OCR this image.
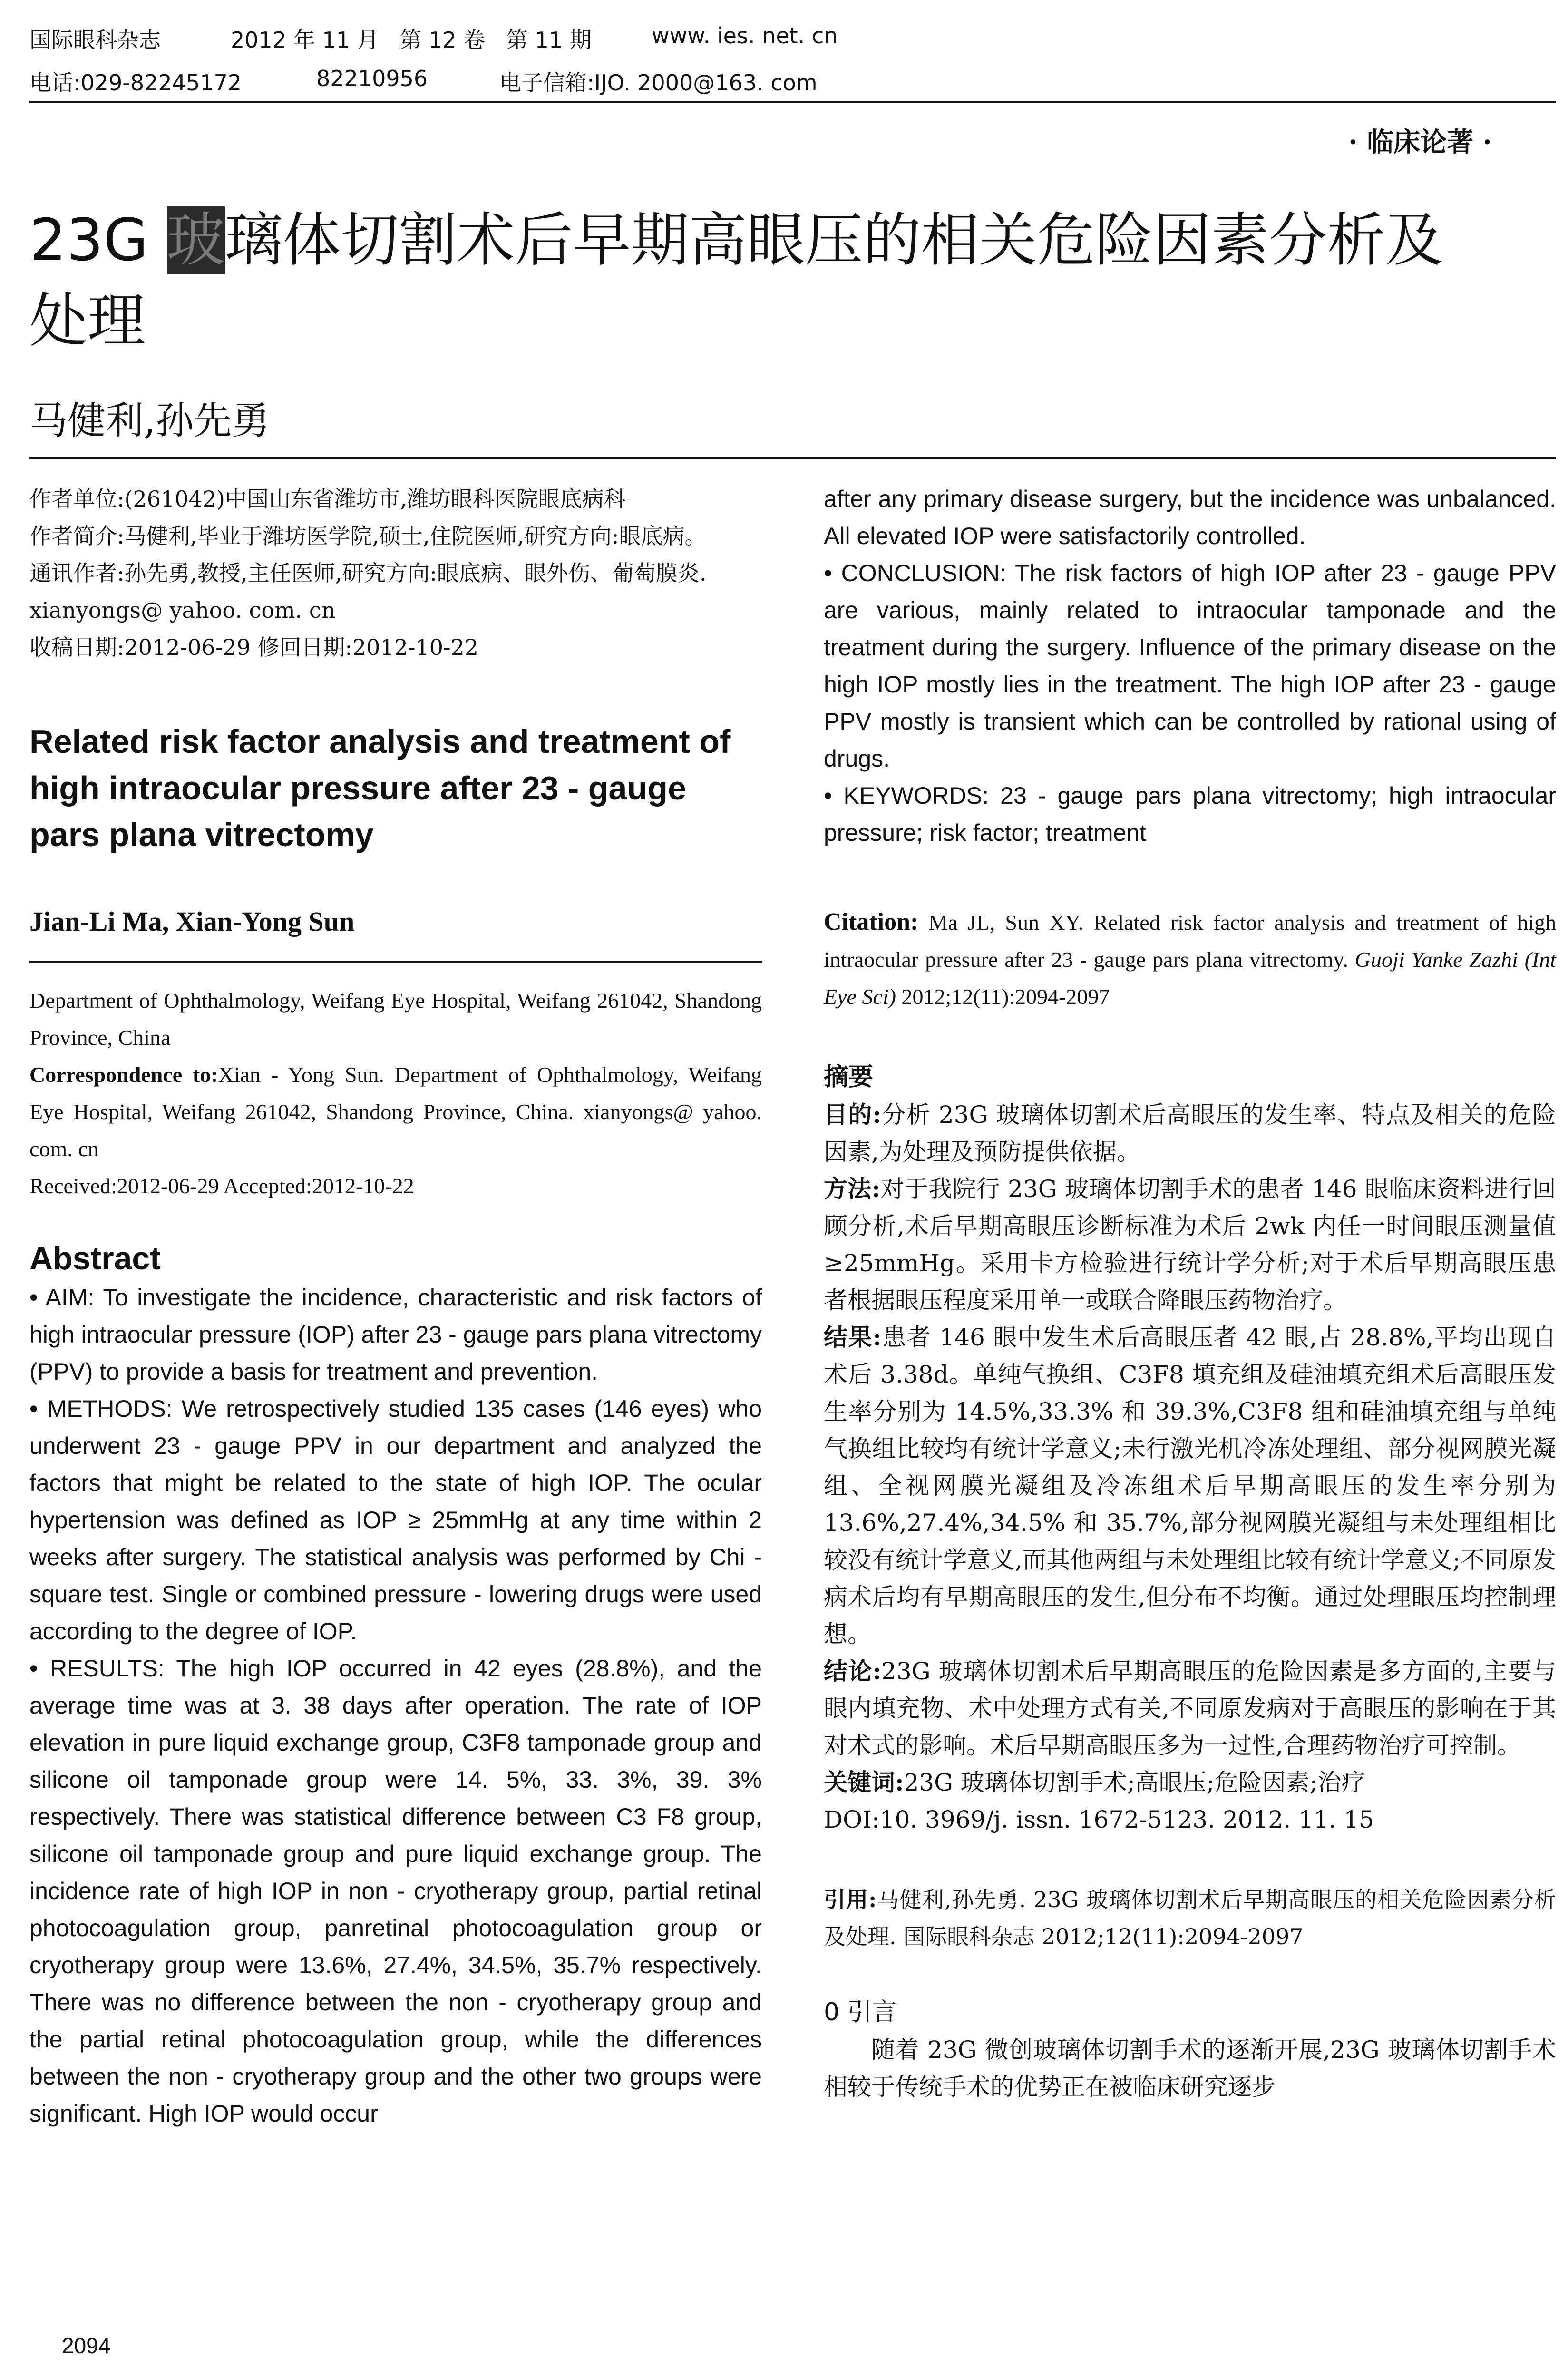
国际眼科杂志	2012 年 11 月   第 12 卷   第 11 期	www. ies. net. cn
电话:029-82245172	82210956	电子信箱:IJO. 2000@163. com
· 临床论著 ·
23G 玻璃体切割术后早期高眼压的相关危险因素分析及
处理
马健利,孙先勇

作者单位:(261042)中国山东省潍坊市,潍坊眼科医院眼底病科

作者简介:马健利,毕业于潍坊医学院,硕士,住院医师,研究方向:眼底病。

通讯作者:孙先勇,教授,主任医师,研究方向:眼底病、眼外伤、葡萄膜炎. xianyongs@ yahoo. com. cn

收稿日期:2012-06-29 修回日期:2012-10-22

Related risk factor analysis and treatment of high intraocular pressure after 23 - gauge pars plana vitrectomy
Jian-Li Ma, Xian-Yong Sun

Department of Ophthalmology, Weifang Eye Hospital, Weifang 261042, Shandong Province, China

Correspondence to:Xian - Yong Sun. Department of Ophthalmology, Weifang Eye Hospital, Weifang 261042, Shandong Province, China. xianyongs@ yahoo. com. cn

Received:2012-06-29 Accepted:2012-10-22

Abstract

• AIM: To investigate the incidence, characteristic and risk factors of high intraocular pressure (IOP) after 23 - gauge pars plana vitrectomy (PPV) to provide a basis for treatment and prevention.

• METHODS: We retrospectively studied 135 cases (146 eyes) who underwent 23 - gauge PPV in our department and analyzed the factors that might be related to the state of high IOP. The ocular hypertension was defined as IOP ≥ 25mmHg at any time within 2 weeks after surgery. The statistical analysis was performed by Chi - square test. Single or combined pressure - lowering drugs were used according to the degree of IOP.

• RESULTS: The high IOP occurred in 42 eyes (28.8%), and the average time was at 3. 38 days after operation. The rate of IOP elevation in pure liquid exchange group, C3F8 tamponade group and silicone oil tamponade group were 14. 5%, 33. 3%, 39. 3% respectively. There was statistical difference between C3 F8 group, silicone oil tamponade group and pure liquid exchange group. The incidence rate of high IOP in non - cryotherapy group, partial retinal photocoagulation group, panretinal photocoagulation group or cryotherapy group were 13.6%, 27.4%, 34.5%, 35.7% respectively. There was no difference between the non - cryotherapy group and the partial retinal photocoagulation group, while the differences between the non - cryotherapy group and the other two groups were significant. High IOP would occur

2094

after any primary disease surgery, but the incidence was unbalanced. All elevated IOP were satisfactorily controlled.

• CONCLUSION: The risk factors of high IOP after 23 - gauge PPV are various, mainly related to intraocular tamponade and the treatment during the surgery. Influence of the primary disease on the high IOP mostly lies in the treatment. The high IOP after 23 - gauge PPV mostly is transient which can be controlled by rational using of drugs.

• KEYWORDS: 23 - gauge pars plana vitrectomy; high intraocular pressure; risk factor; treatment

Citation: Ma JL, Sun XY. Related risk factor analysis and treatment of high intraocular pressure after 23 - gauge pars plana vitrectomy. Guoji Yanke Zazhi (Int Eye Sci) 2012;12(11):2094-2097
摘要

目的:分析 23G 玻璃体切割术后高眼压的发生率、特点及相关的危险因素,为处理及预防提供依据。

方法:对于我院行 23G 玻璃体切割手术的患者 146 眼临床资料进行回顾分析,术后早期高眼压诊断标准为术后 2wk 内任一时间眼压测量值≥25mmHg。采用卡方检验进行统计学分析;对于术后早期高眼压患者根据眼压程度采用单一或联合降眼压药物治疗。

结果:患者 146 眼中发生术后高眼压者 42 眼,占 28.8%,平均出现自术后 3.38d。单纯气换组、C3F8 填充组及硅油填充组术后高眼压发生率分别为 14.5%,33.3% 和 39.3%,C3F8 组和硅油填充组与单纯气换组比较均有统计学意义;未行激光机冷冻处理组、部分视网膜光凝组、全视网膜光凝组及冷冻组术后早期高眼压的发生率分别为 13.6%,27.4%,34.5% 和 35.7%,部分视网膜光凝组与未处理组相比较没有统计学意义,而其他两组与未处理组比较有统计学意义;不同原发病术后均有早期高眼压的发生,但分布不均衡。通过处理眼压均控制理想。

结论:23G 玻璃体切割术后早期高眼压的危险因素是多方面的,主要与眼内填充物、术中处理方式有关,不同原发病对于高眼压的影响在于其对术式的影响。术后早期高眼压多为一过性,合理药物治疗可控制。

关键词:23G 玻璃体切割手术;高眼压;危险因素;治疗

DOI:10. 3969/j. issn. 1672-5123. 2012. 11. 15

引用:马健利,孙先勇. 23G 玻璃体切割术后早期高眼压的相关危险因素分析及处理. 国际眼科杂志 2012;12(11):2094-2097
0 引言
随着 23G 微创玻璃体切割手术的逐渐开展,23G 玻璃体切割手术相较于传统手术的优势正在被临床研究逐步
